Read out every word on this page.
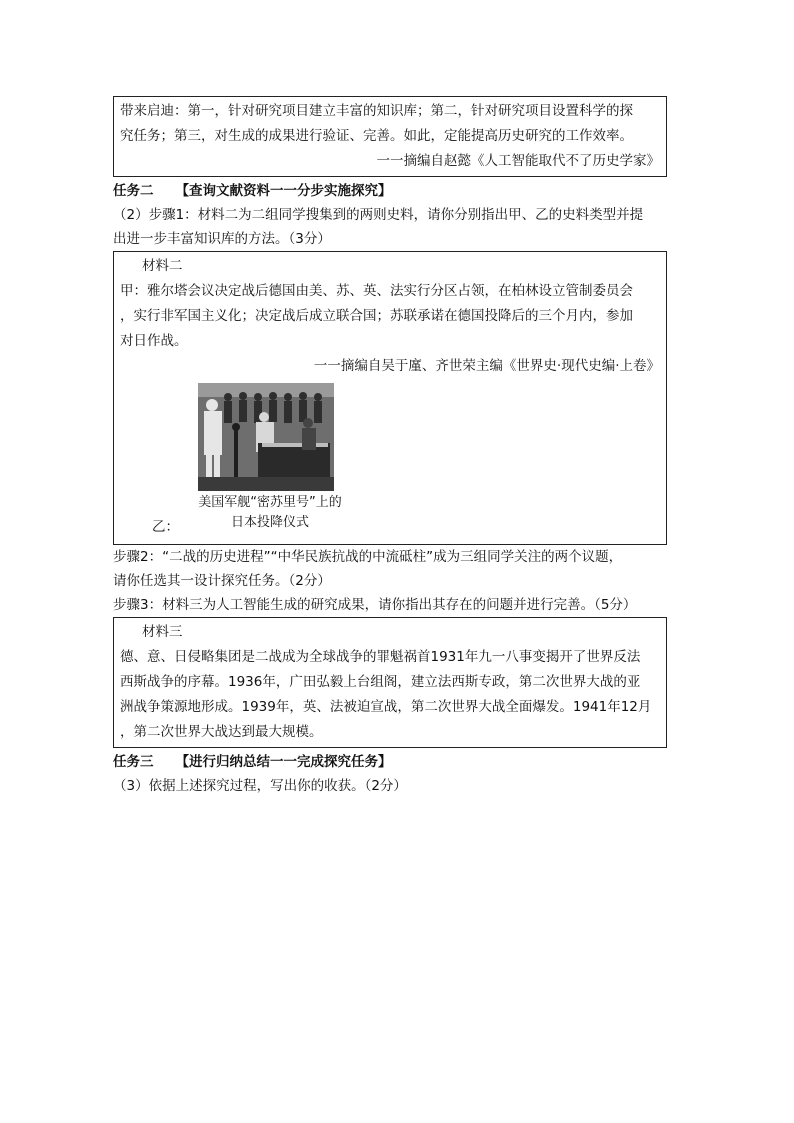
带来启迪：第一，针对研究项目建立丰富的知识库；第二，针对研究项目设置科学的探
究任务；第三，对生成的成果进行验证、完善。如此，定能提高历史研究的工作效率。
一一摘编自赵懿《人工智能取代不了历史学家》
任务二 【查询文献资料一一分步实施探究】
（2）步骤1：材料二为二组同学搜集到的两则史料，请你分别指出甲、乙的史料类型并提
出进一步丰富知识库的方法。（3分）
材料二
甲：雅尔塔会议决定战后德国由美、苏、英、法实行分区占领，在柏林设立管制委员会
，实行非军国主义化；决定战后成立联合国；苏联承诺在德国投降后的三个月内，参加
对日作战。
一一摘编自吴于廑、齐世荣主编《世界史·现代史编·上卷》
美国军舰“密苏里号”上的
日本投降仪式
乙：
步骤2：“二战的历史进程”“中华民族抗战的中流砥柱”成为三组同学关注的两个议题，
请你任选其一设计探究任务。（2分）
步骤3：材料三为人工智能生成的研究成果，请你指出其存在的问题并进行完善。（5分）
材料三
德、意、日侵略集团是二战成为全球战争的罪魁祸首1931年九一八事变揭开了世界反法
西斯战争的序幕。1936年，广田弘毅上台组阁，建立法西斯专政，第二次世界大战的亚
洲战争策源地形成。1939年，英、法被迫宣战，第二次世界大战全面爆发。1941年12月
，第二次世界大战达到最大规模。
任务三 【进行归纳总结一一完成探究任务】
（3）依据上述探究过程，写出你的收获。（2分）
